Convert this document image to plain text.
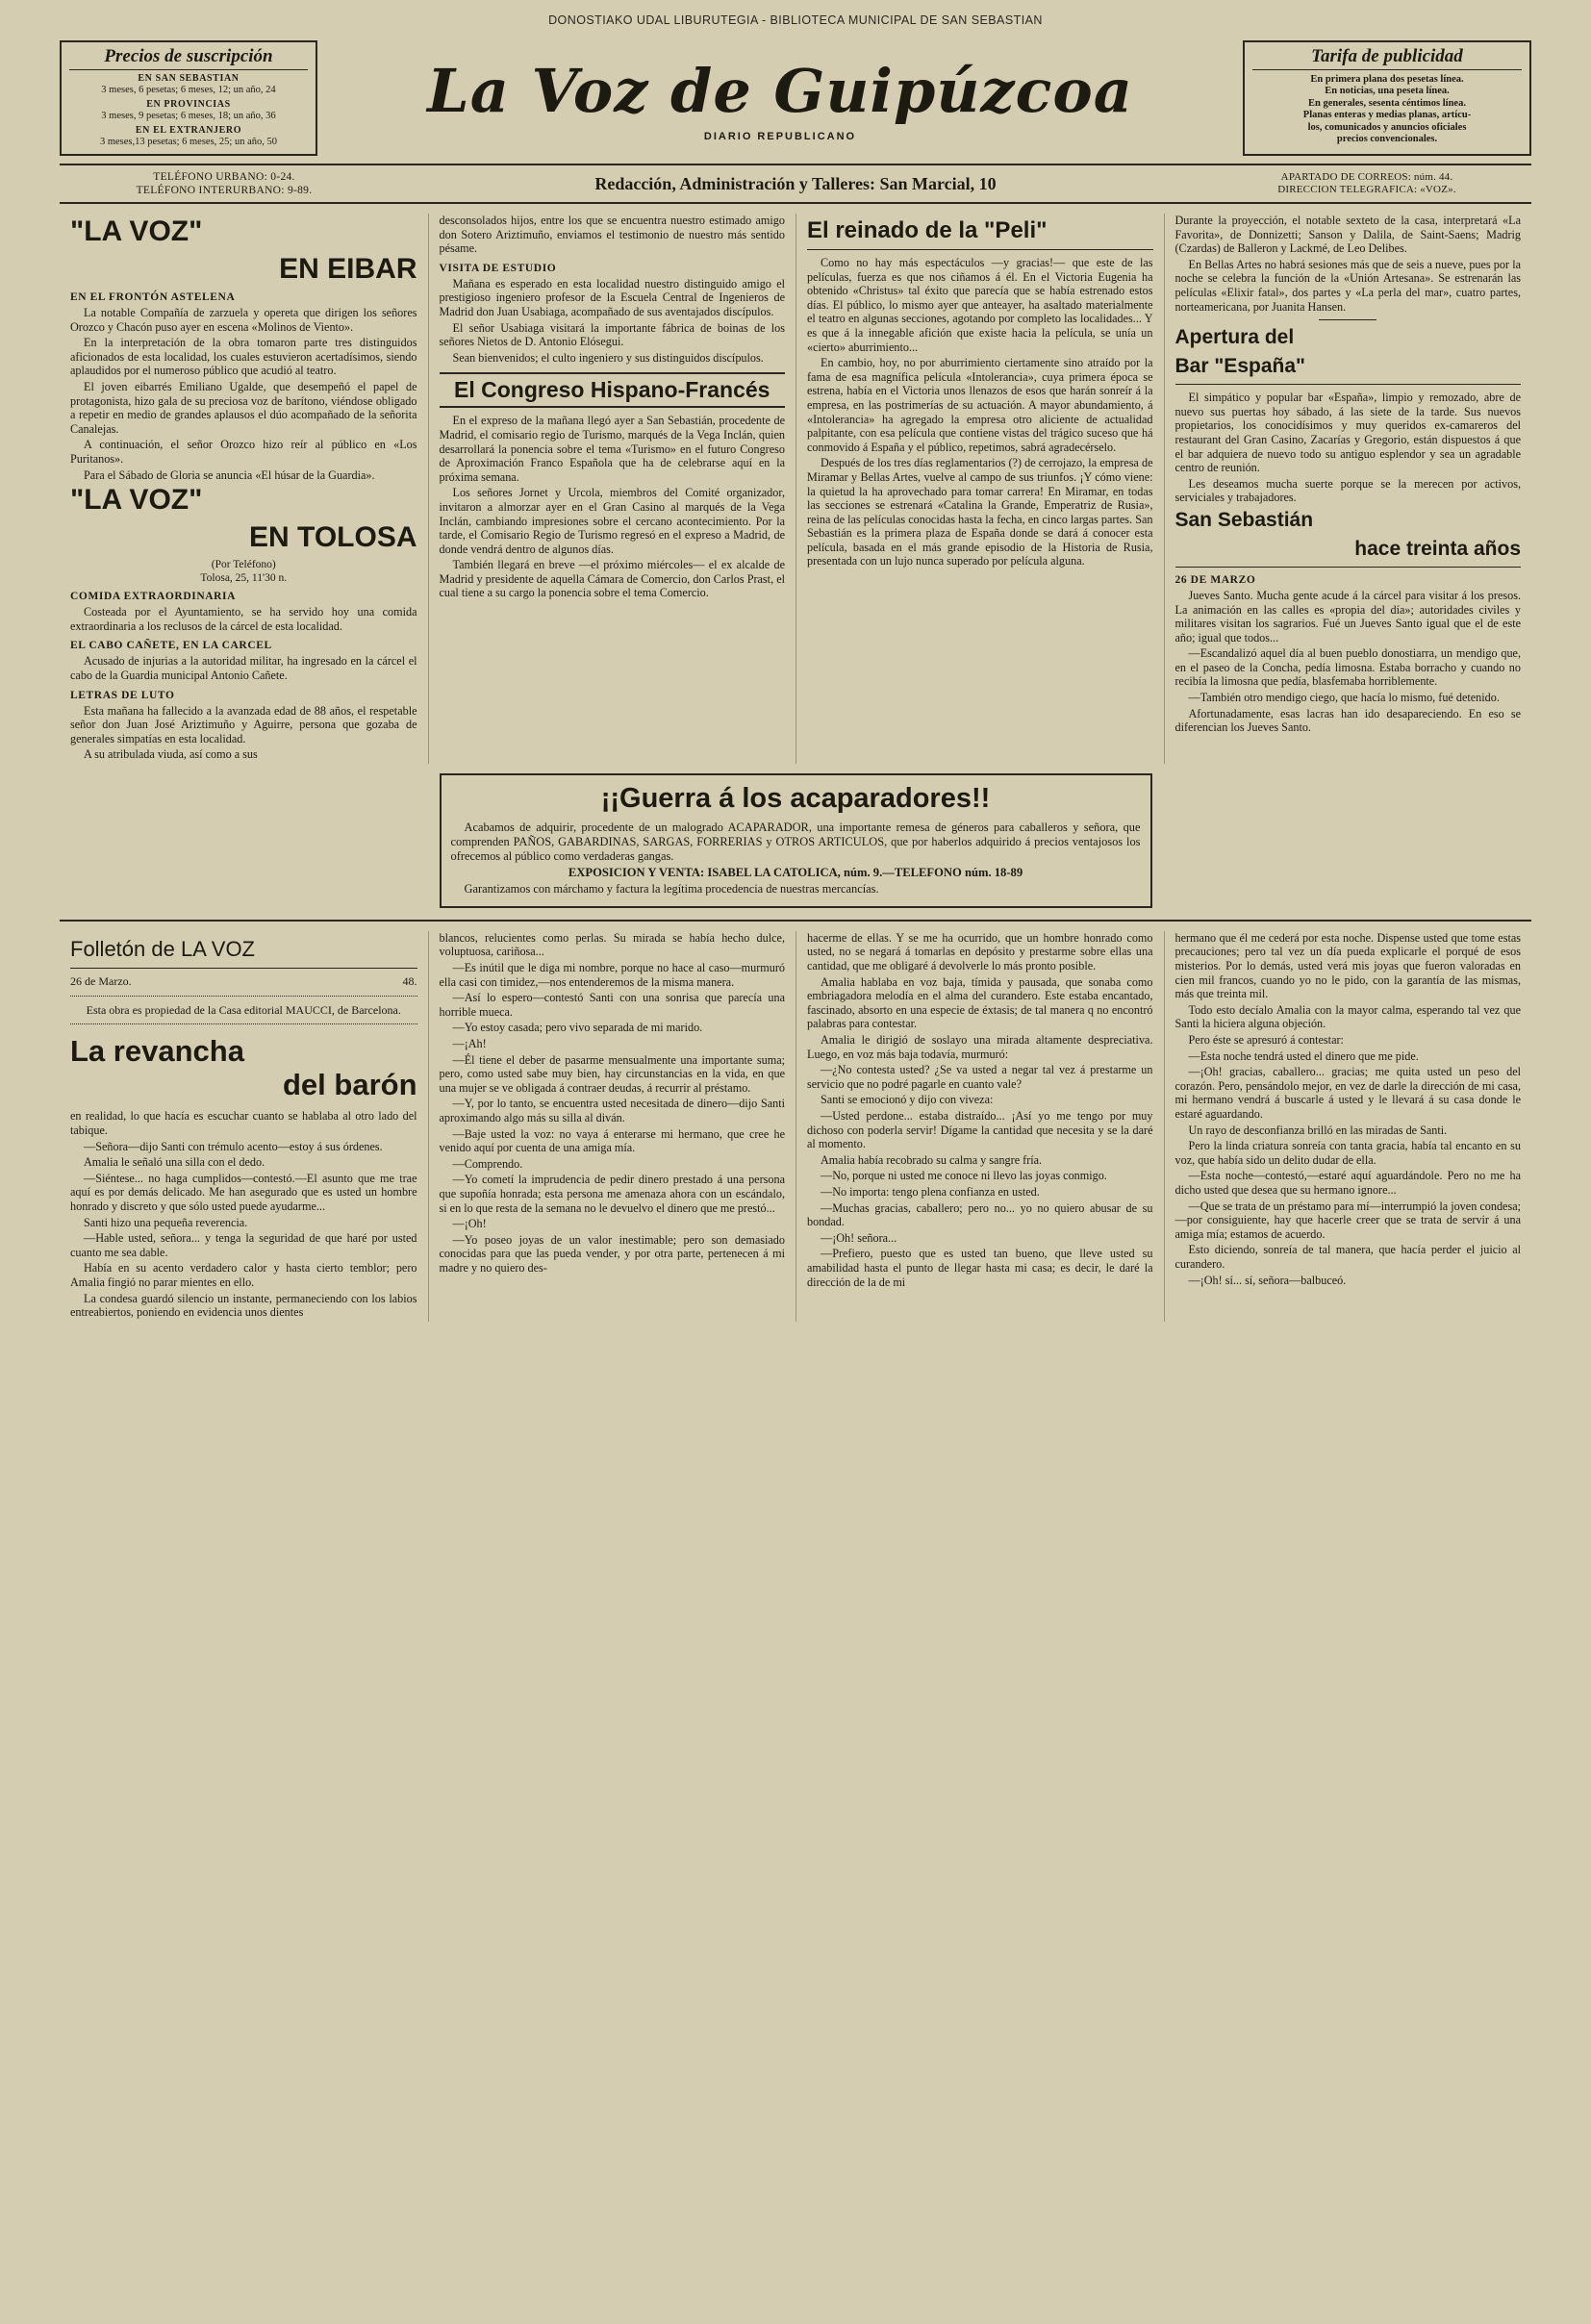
DONOSTIAKO UDAL LIBURUTEGIA - BIBLIOTECA MUNICIPAL DE SAN SEBASTIAN
Precios de suscripción
EN SAN SEBASTIAN
3 meses, 6 pesetas; 6 meses, 12; un año, 24
EN PROVINCIAS
3 meses, 9 pesetas; 6 meses, 18; un año, 36
EN EL EXTRANJERO
3 meses,13 pesetas; 6 meses, 25; un año, 50
La Voz de Guipúzcoa
DIARIO REPUBLICANO
Tarifa de publicidad
En primera plana dos pesetas línea.
En noticias, una peseta línea.
En generales, sesenta céntimos línea.
Planas enteras y medias planas, artícu-
los, comunicados y anuncios oficiales
precios convencionales.
TELÉFONO URBANO: 0-24.
TELÉFONO INTERURBANO: 9-89.	Redacción, Administración y Talleres: San Marcial, 10	APARTADO DE CORREOS: núm. 44.
DIRECCION TELEGRAFICA: «VOZ».
"LA VOZ"
EN EIBAR
EN EL FRONTÓN ASTELENA

La notable Compañía de zarzuela y opereta que dirigen los señores Orozco y Chacón puso ayer en escena «Molinos de Viento».

En la interpretación de la obra tomaron parte tres distinguidos aficionados de esta localidad, los cuales estuvieron acertadísimos, siendo aplaudidos por el numeroso público que acudió al teatro.

El joven eibarrés Emiliano Ugalde, que desempeñó el papel de protagonista, hizo gala de su preciosa voz de barítono, viéndose obligado a repetir en medio de grandes aplausos el dúo acompañado de la señorita Canalejas.

A continuación, el señor Orozco hizo reír al público en «Los Puritanos».

Para el Sábado de Gloria se anuncia «El húsar de la Guardia».

"LA VOZ"
EN TOLOSA
(Por Teléfono)
Tolosa, 25, 11'30 n.
COMIDA EXTRAORDINARIA

Costeada por el Ayuntamiento, se ha servido hoy una comida extraordinaria a los reclusos de la cárcel de esta localidad.

EL CABO CAÑETE, EN LA CARCEL

Acusado de injurias a la autoridad militar, ha ingresado en la cárcel el cabo de la Guardia municipal Antonio Cañete.

LETRAS DE LUTO

Esta mañana ha fallecido a la avanzada edad de 88 años, el respetable señor don Juan José Ariztimuño y Aguirre, persona que gozaba de generales simpatías en esta localidad.

A su atribulada viuda, así como a sus

desconsolados hijos, entre los que se encuentra nuestro estimado amigo don Sotero Ariztimuño, enviamos el testimonio de nuestro más sentido pésame.

VISITA DE ESTUDIO

Mañana es esperado en esta localidad nuestro distinguido amigo el prestigioso ingeniero profesor de la Escuela Central de Ingenieros de Madrid don Juan Usabiaga, acompañado de sus aventajados discípulos.

El señor Usabiaga visitará la importante fábrica de boinas de los señores Nietos de D. Antonio Elósegui.

Sean bienvenidos; el culto ingeniero y sus distinguidos discípulos.

El Congreso Hispano-Francés

En el expreso de la mañana llegó ayer a San Sebastián, procedente de Madrid, el comisario regio de Turismo, marqués de la Vega Inclán, quien desarrollará la ponencia sobre el tema «Turismo» en el futuro Congreso de Aproximación Franco Española que ha de celebrarse aquí en la próxima semana.

Los señores Jornet y Urcola, miembros del Comité organizador, invitaron a almorzar ayer en el Gran Casino al marqués de la Vega Inclán, cambiando impresiones sobre el cercano acontecimiento. Por la tarde, el Comisario Regio de Turismo regresó en el expreso a Madrid, de donde vendrá dentro de algunos días.

También llegará en breve —el próximo miércoles— el ex alcalde de Madrid y presidente de aquella Cámara de Comercio, don Carlos Prast, el cual tiene a su cargo la ponencia sobre el tema Comercio.

El reinado de la "Peli"

Como no hay más espectáculos —y gracias!— que este de las películas, fuerza es que nos ciñamos á él. En el Victoria Eugenia ha obtenido «Christus» tal éxito que parecía que se había estrenado estos días. El público, lo mismo ayer que anteayer, ha asaltado materialmente el teatro en algunas secciones, agotando por completo las localidades... Y es que á la innegable afición que existe hacia la película, se unía un «cierto» aburrimiento...

En cambio, hoy, no por aburrimiento ciertamente sino atraído por la fama de esa magnífica película «Intolerancia», cuya primera época se estrena, había en el Victoria unos llenazos de esos que harán sonreír á la empresa, en las postrimerías de su actuación. A mayor abundamiento, á «Intolerancia» ha agregado la empresa otro aliciente de actualidad palpitante, con esa película que contiene vistas del trágico suceso que há conmovido á España y el público, repetimos, sabrá agradecérselo.

Después de los tres días reglamentarios (?) de cerrojazo, la empresa de Miramar y Bellas Artes, vuelve al campo de sus triunfos. ¡Y cómo viene: la quietud la ha aprovechado para tomar carrera! En Miramar, en todas las secciones se estrenará «Catalina la Grande, Emperatriz de Rusia», reina de las películas conocidas hasta la fecha, en cinco largas partes. San Sebastián es la primera plaza de España donde se dará á conocer esta película, basada en el más grande episodio de la Historia de Rusia, presentada con un lujo nunca superado por película alguna.

Durante la proyección, el notable sexteto de la casa, interpretará «La Favorita», de Donnizetti; Sanson y Dalila, de Saint-Saens; Madrig (Czardas) de Balleron y Lackmé, de Leo Delibes.

En Bellas Artes no habrá sesiones más que de seis a nueve, pues por la noche se celebra la función de la «Unión Artesana». Se estrenarán las películas «Elixir fatal», dos partes y «La perla del mar», cuatro partes, norteamericana, por Juanita Hansen.

Apertura del
Bar "España"

El simpático y popular bar «España», limpio y remozado, abre de nuevo sus puertas hoy sábado, á las siete de la tarde. Sus nuevos propietarios, los conocidísimos y muy queridos ex-camareros del restaurant del Gran Casino, Zacarías y Gregorio, están dispuestos á que el bar adquiera de nuevo todo su antiguo esplendor y sea un agradable centro de reunión.

Les deseamos mucha suerte porque se la merecen por activos, serviciales y trabajadores.

San Sebastián
hace treinta años
26 DE MARZO

Jueves Santo. Mucha gente acude á la cárcel para visitar á los presos. La animación en las calles es «propia del día»; autoridades civiles y militares visitan los sagrarios. Fué un Jueves Santo igual que el de este año; igual que todos...

—Escandalizó aquel día al buen pueblo donostiarra, un mendigo que, en el paseo de la Concha, pedía limosna. Estaba borracho y cuando no recibía la limosna que pedía, blasfemaba horriblemente.

—También otro mendigo ciego, que hacía lo mismo, fué detenido.

Afortunadamente, esas lacras han ido desapareciendo. En eso se diferencian los Jueves Santo.

¡¡Guerra á los acaparadores!!

Acabamos de adquirir, procedente de un malogrado ACAPARADOR, una importante remesa de géneros para caballeros y señora, que comprenden PAÑOS, GABARDINAS, SARGAS, FORRERIAS y OTROS ARTICULOS, que por haberlos adquirido á precios ventajosos los ofrecemos al público como verdaderas gangas.

EXPOSICION Y VENTA: ISABEL LA CATOLICA, núm. 9.—TELEFONO núm. 18-89

Garantizamos con márchamo y factura la legítima procedencia de nuestras mercancías.

Folletón de LA VOZ
26 de Marzo.	48.
Esta obra es propiedad de la Casa editorial MAUCCI, de Barcelona.
La revancha
del barón

en realidad, lo que hacía es escuchar cuanto se hablaba al otro lado del tabique.

—Señora—dijo Santi con trémulo acento—estoy á sus órdenes.

Amalia le señaló una silla con el dedo.

—Siéntese... no haga cumplidos—contestó.—El asunto que me trae aquí es por demás delicado. Me han asegurado que es usted un hombre honrado y discreto y que sólo usted puede ayudarme...

Santi hizo una pequeña reverencia.

—Hable usted, señora... y tenga la seguridad de que haré por usted cuanto me sea dable.

Había en su acento verdadero calor y hasta cierto temblor; pero Amalia fingió no parar mientes en ello.

La condesa guardó silencio un instante, permaneciendo con los labios entreabiertos, poniendo en evidencia unos dientes

blancos, relucientes como perlas. Su mirada se había hecho dulce, voluptuosa, cariñosa...

—Es inútil que le diga mi nombre, porque no hace al caso—murmuró ella casi con timidez,—nos entenderemos de la misma manera.

—Así lo espero—contestó Santi con una sonrisa que parecía una horrible mueca.

—Yo estoy casada; pero vivo separada de mi marido.

—¡Ah!

—Él tiene el deber de pasarme mensualmente una importante suma; pero, como usted sabe muy bien, hay circunstancias en la vida, en que una mujer se ve obligada á contraer deudas, á recurrir al préstamo.

—Y, por lo tanto, se encuentra usted necesitada de dinero—dijo Santi aproximando algo más su silla al diván.

—Baje usted la voz: no vaya á enterarse mi hermano, que cree he venido aquí por cuenta de una amiga mía.

—Comprendo.

—Yo cometí la imprudencia de pedir dinero prestado á una persona que supoñía honrada; esta persona me amenaza ahora con un escándalo, si en lo que resta de la semana no le devuelvo el dinero que me prestó...

—¡Oh!

—Yo poseo joyas de un valor inestimable; pero son demasiado conocidas para que las pueda vender, y por otra parte, pertenecen á mi madre y no quiero des-

hacerme de ellas. Y se me ha ocurrido, que un hombre honrado como usted, no se negará á tomarlas en depósito y prestarme sobre ellas una cantidad, que me obligaré á devolverle lo más pronto posible.

Amalia hablaba en voz baja, tímida y pausada, que sonaba como embriagadora melodía en el alma del curandero. Este estaba encantado, fascinado, absorto en una especie de éxtasis; de tal manera q no encontró palabras para contestar.

Amalia le dirigió de soslayo una mirada altamente despreciativa. Luego, en voz más baja todavía, murmuró:

—¿No contesta usted? ¿Se va usted a negar tal vez á prestarme un servicio que no podré pagarle en cuanto vale?

Santi se emocionó y dijo con viveza:

—Usted perdone... estaba distraído... ¡Así yo me tengo por muy dichoso con poderla servir! Dígame la cantidad que necesita y se la daré al momento.

Amalia había recobrado su calma y sangre fría.

—No, porque ni usted me conoce ni llevo las joyas conmigo.

—No importa: tengo plena confianza en usted.

—Muchas gracias, caballero; pero no... yo no quiero abusar de su bondad.

—¡Oh! señora...

—Prefiero, puesto que es usted tan bueno, que lleve usted su amabilidad hasta el punto de llegar hasta mi casa; es decir, le daré la dirección de la de mi

hermano que él me cederá por esta noche. Dispense usted que tome estas precauciones; pero tal vez un día pueda explicarle el porqué de esos misterios. Por lo demás, usted verá mis joyas que fueron valoradas en cien mil francos, cuando yo no le pido, con la garantía de las mismas, más que treinta mil.

Todo esto decíalo Amalia con la mayor calma, esperando tal vez que Santi la hiciera alguna objeción.

Pero éste se apresuró á contestar:

—Esta noche tendrá usted el dinero que me pide.

—¡Oh! gracias, caballero... gracias; me quita usted un peso del corazón. Pero, pensándolo mejor, en vez de darle la dirección de mi casa, mi hermano vendrá á buscarle á usted y le llevará á su casa donde le estaré aguardando.

Un rayo de desconfianza brilló en las miradas de Santi.

Pero la linda criatura sonreía con tanta gracia, había tal encanto en su voz, que había sido un delito dudar de ella.

—Esta noche—contestó,—estaré aquí aguardándole. Pero no me ha dicho usted que desea que su hermano ignore...

—Que se trata de un préstamo para mí—interrumpió la joven condesa;—por consiguiente, hay que hacerle creer que se trata de servir á una amiga mía; estamos de acuerdo.

Esto diciendo, sonreía de tal manera, que hacía perder el juicio al curandero.

—¡Oh! sí... sí, señora—balbuceó.
